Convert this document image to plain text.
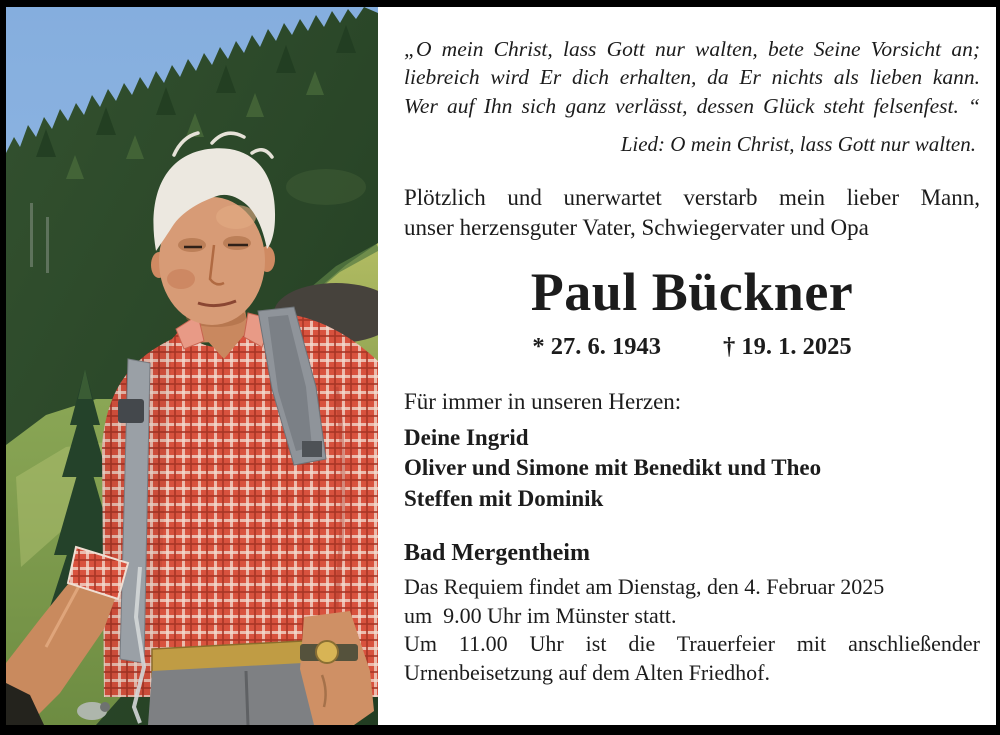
„O mein Christ, lass Gott nur walten, bete Seine Vorsicht an;
liebreich wird Er dich erhalten, da Er nichts als lieben kann.
Wer auf Ihn sich ganz verlässt, dessen Glück steht felsenfest. “
Lied: O mein Christ, lass Gott nur walten.
Plötzlich und unerwartet verstarb mein lieber Mann,
unser herzensguter Vater, Schwiegervater und Opa
Paul Bückner
* 27. 6. 1943	† 19. 1. 2025
Für immer in unseren Herzen:
Deine Ingrid
Oliver und Simone mit Benedikt und Theo
Steffen mit Dominik
Bad Mergentheim
Das Requiem findet am Dienstag, den 4. Februar 2025
um  9.00 Uhr im Münster statt.
Um 11.00 Uhr ist die Trauerfeier mit anschließender
Urnenbeisetzung auf dem Alten Friedhof.
